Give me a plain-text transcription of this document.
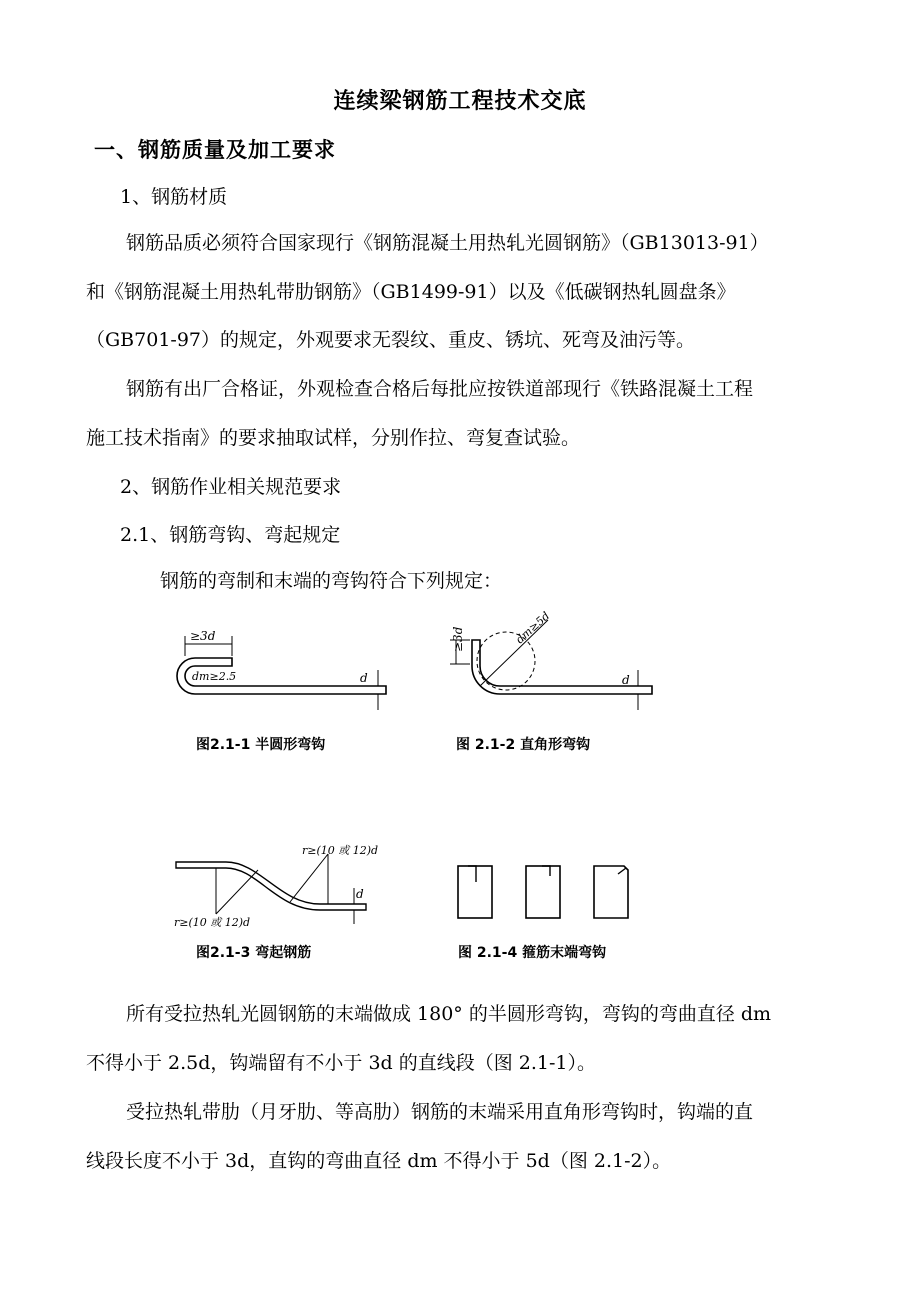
连续梁钢筋工程技术交底
一、钢筋质量及加工要求
1、钢筋材质
钢筋品质必须符合国家现行《钢筋混凝土用热轧光圆钢筋》（GB13013-91）
和《钢筋混凝土用热轧带肋钢筋》（GB1499-91）以及《低碳钢热轧圆盘条》
（GB701-97）的规定，外观要求无裂纹、重皮、锈坑、死弯及油污等。
钢筋有出厂合格证，外观检查合格后每批应按铁道部现行《铁路混凝土工程
施工技术指南》的要求抽取试样，分别作拉、弯复查试验。
2、钢筋作业相关规范要求
2.1、钢筋弯钩、弯起规定
钢筋的弯制和末端的弯钩符合下列规定：
≥3d
dm≥2.5	d
图2.1-1 半圆形弯钩
dm≥5d
≥3d
d
图 2.1-2 直角形弯钩
r≥(10 或 12)d
r≥(10 或 12)d
d
图2.1-3 弯起钢筋	图 2.1-4 箍筋末端弯钩
所有受拉热轧光圆钢筋的末端做成 180° 的半圆形弯钩，弯钩的弯曲直径 dm
不得小于 2.5d，钩端留有不小于 3d 的直线段（图 2.1-1）。
受拉热轧带肋（月牙肋、等高肋）钢筋的末端采用直角形弯钩时，钩端的直
线段长度不小于 3d，直钩的弯曲直径 dm 不得小于 5d（图 2.1-2）。
